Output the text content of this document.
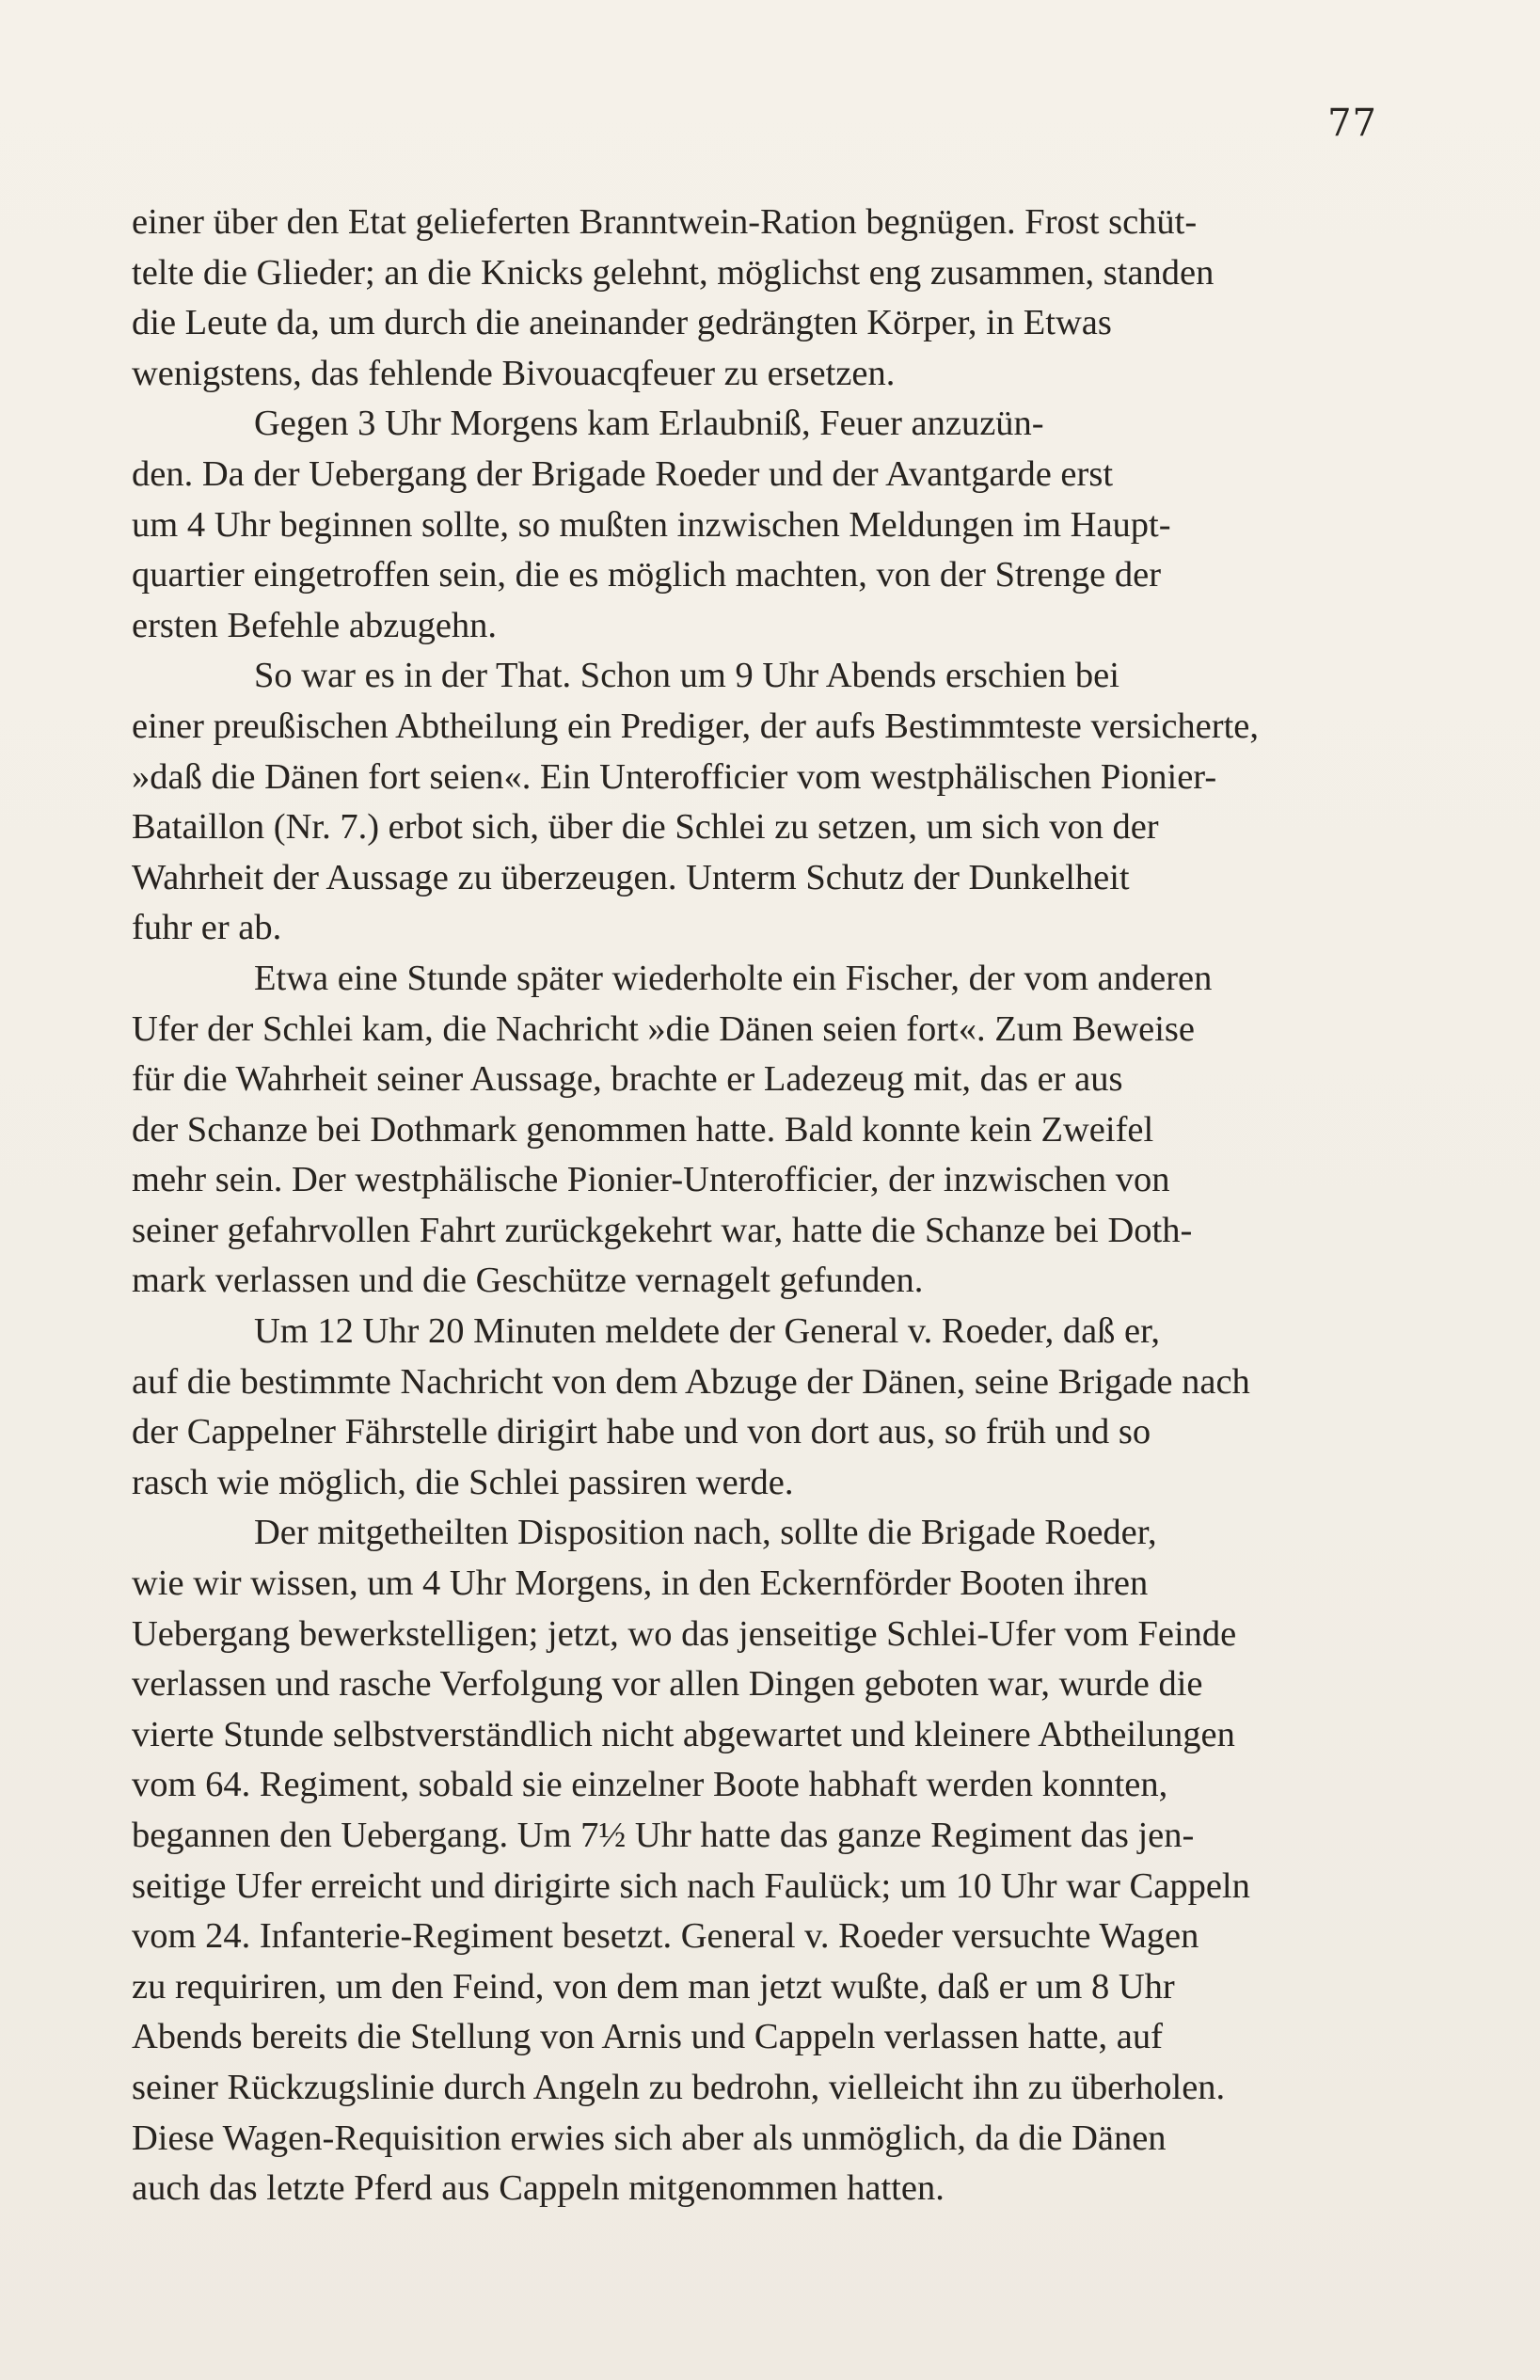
77
einer über den Etat gelieferten Branntwein-Ration begnügen. Frost schüt-
telte die Glieder; an die Knicks gelehnt, möglichst eng zusammen, standen
die Leute da, um durch die aneinander gedrängten Körper, in Etwas
wenigstens, das fehlende Bivouacqfeuer zu ersetzen.
Gegen 3 Uhr Morgens kam Erlaubniß, Feuer anzuzün-
den. Da der Uebergang der Brigade Roeder und der Avantgarde erst
um 4 Uhr beginnen sollte, so mußten inzwischen Meldungen im Haupt-
quartier eingetroffen sein, die es möglich machten, von der Strenge der
ersten Befehle abzugehn.
So war es in der That. Schon um 9 Uhr Abends erschien bei
einer preußischen Abtheilung ein Prediger, der aufs Bestimmteste versicherte,
»daß die Dänen fort seien«. Ein Unterofficier vom westphälischen Pionier-
Bataillon (Nr. 7.) erbot sich, über die Schlei zu setzen, um sich von der
Wahrheit der Aussage zu überzeugen. Unterm Schutz der Dunkelheit
fuhr er ab.
Etwa eine Stunde später wiederholte ein Fischer, der vom anderen
Ufer der Schlei kam, die Nachricht »die Dänen seien fort«. Zum Beweise
für die Wahrheit seiner Aussage, brachte er Ladezeug mit, das er aus
der Schanze bei Dothmark genommen hatte. Bald konnte kein Zweifel
mehr sein. Der westphälische Pionier-Unterofficier, der inzwischen von
seiner gefahrvollen Fahrt zurückgekehrt war, hatte die Schanze bei Doth-
mark verlassen und die Geschütze vernagelt gefunden.
Um 12 Uhr 20 Minuten meldete der General v. Roeder, daß er,
auf die bestimmte Nachricht von dem Abzuge der Dänen, seine Brigade nach
der Cappelner Fährstelle dirigirt habe und von dort aus, so früh und so
rasch wie möglich, die Schlei passiren werde.
Der mitgetheilten Disposition nach, sollte die Brigade Roeder,
wie wir wissen, um 4 Uhr Morgens, in den Eckernförder Booten ihren
Uebergang bewerkstelligen; jetzt, wo das jenseitige Schlei-Ufer vom Feinde
verlassen und rasche Verfolgung vor allen Dingen geboten war, wurde die
vierte Stunde selbstverständlich nicht abgewartet und kleinere Abtheilungen
vom 64. Regiment, sobald sie einzelner Boote habhaft werden konnten,
begannen den Uebergang. Um 7½ Uhr hatte das ganze Regiment das jen-
seitige Ufer erreicht und dirigirte sich nach Faulück; um 10 Uhr war Cappeln
vom 24. Infanterie-Regiment besetzt. General v. Roeder versuchte Wagen
zu requiriren, um den Feind, von dem man jetzt wußte, daß er um 8 Uhr
Abends bereits die Stellung von Arnis und Cappeln verlassen hatte, auf
seiner Rückzugslinie durch Angeln zu bedrohn, vielleicht ihn zu überholen.
Diese Wagen-Requisition erwies sich aber als unmöglich, da die Dänen
auch das letzte Pferd aus Cappeln mitgenommen hatten.
